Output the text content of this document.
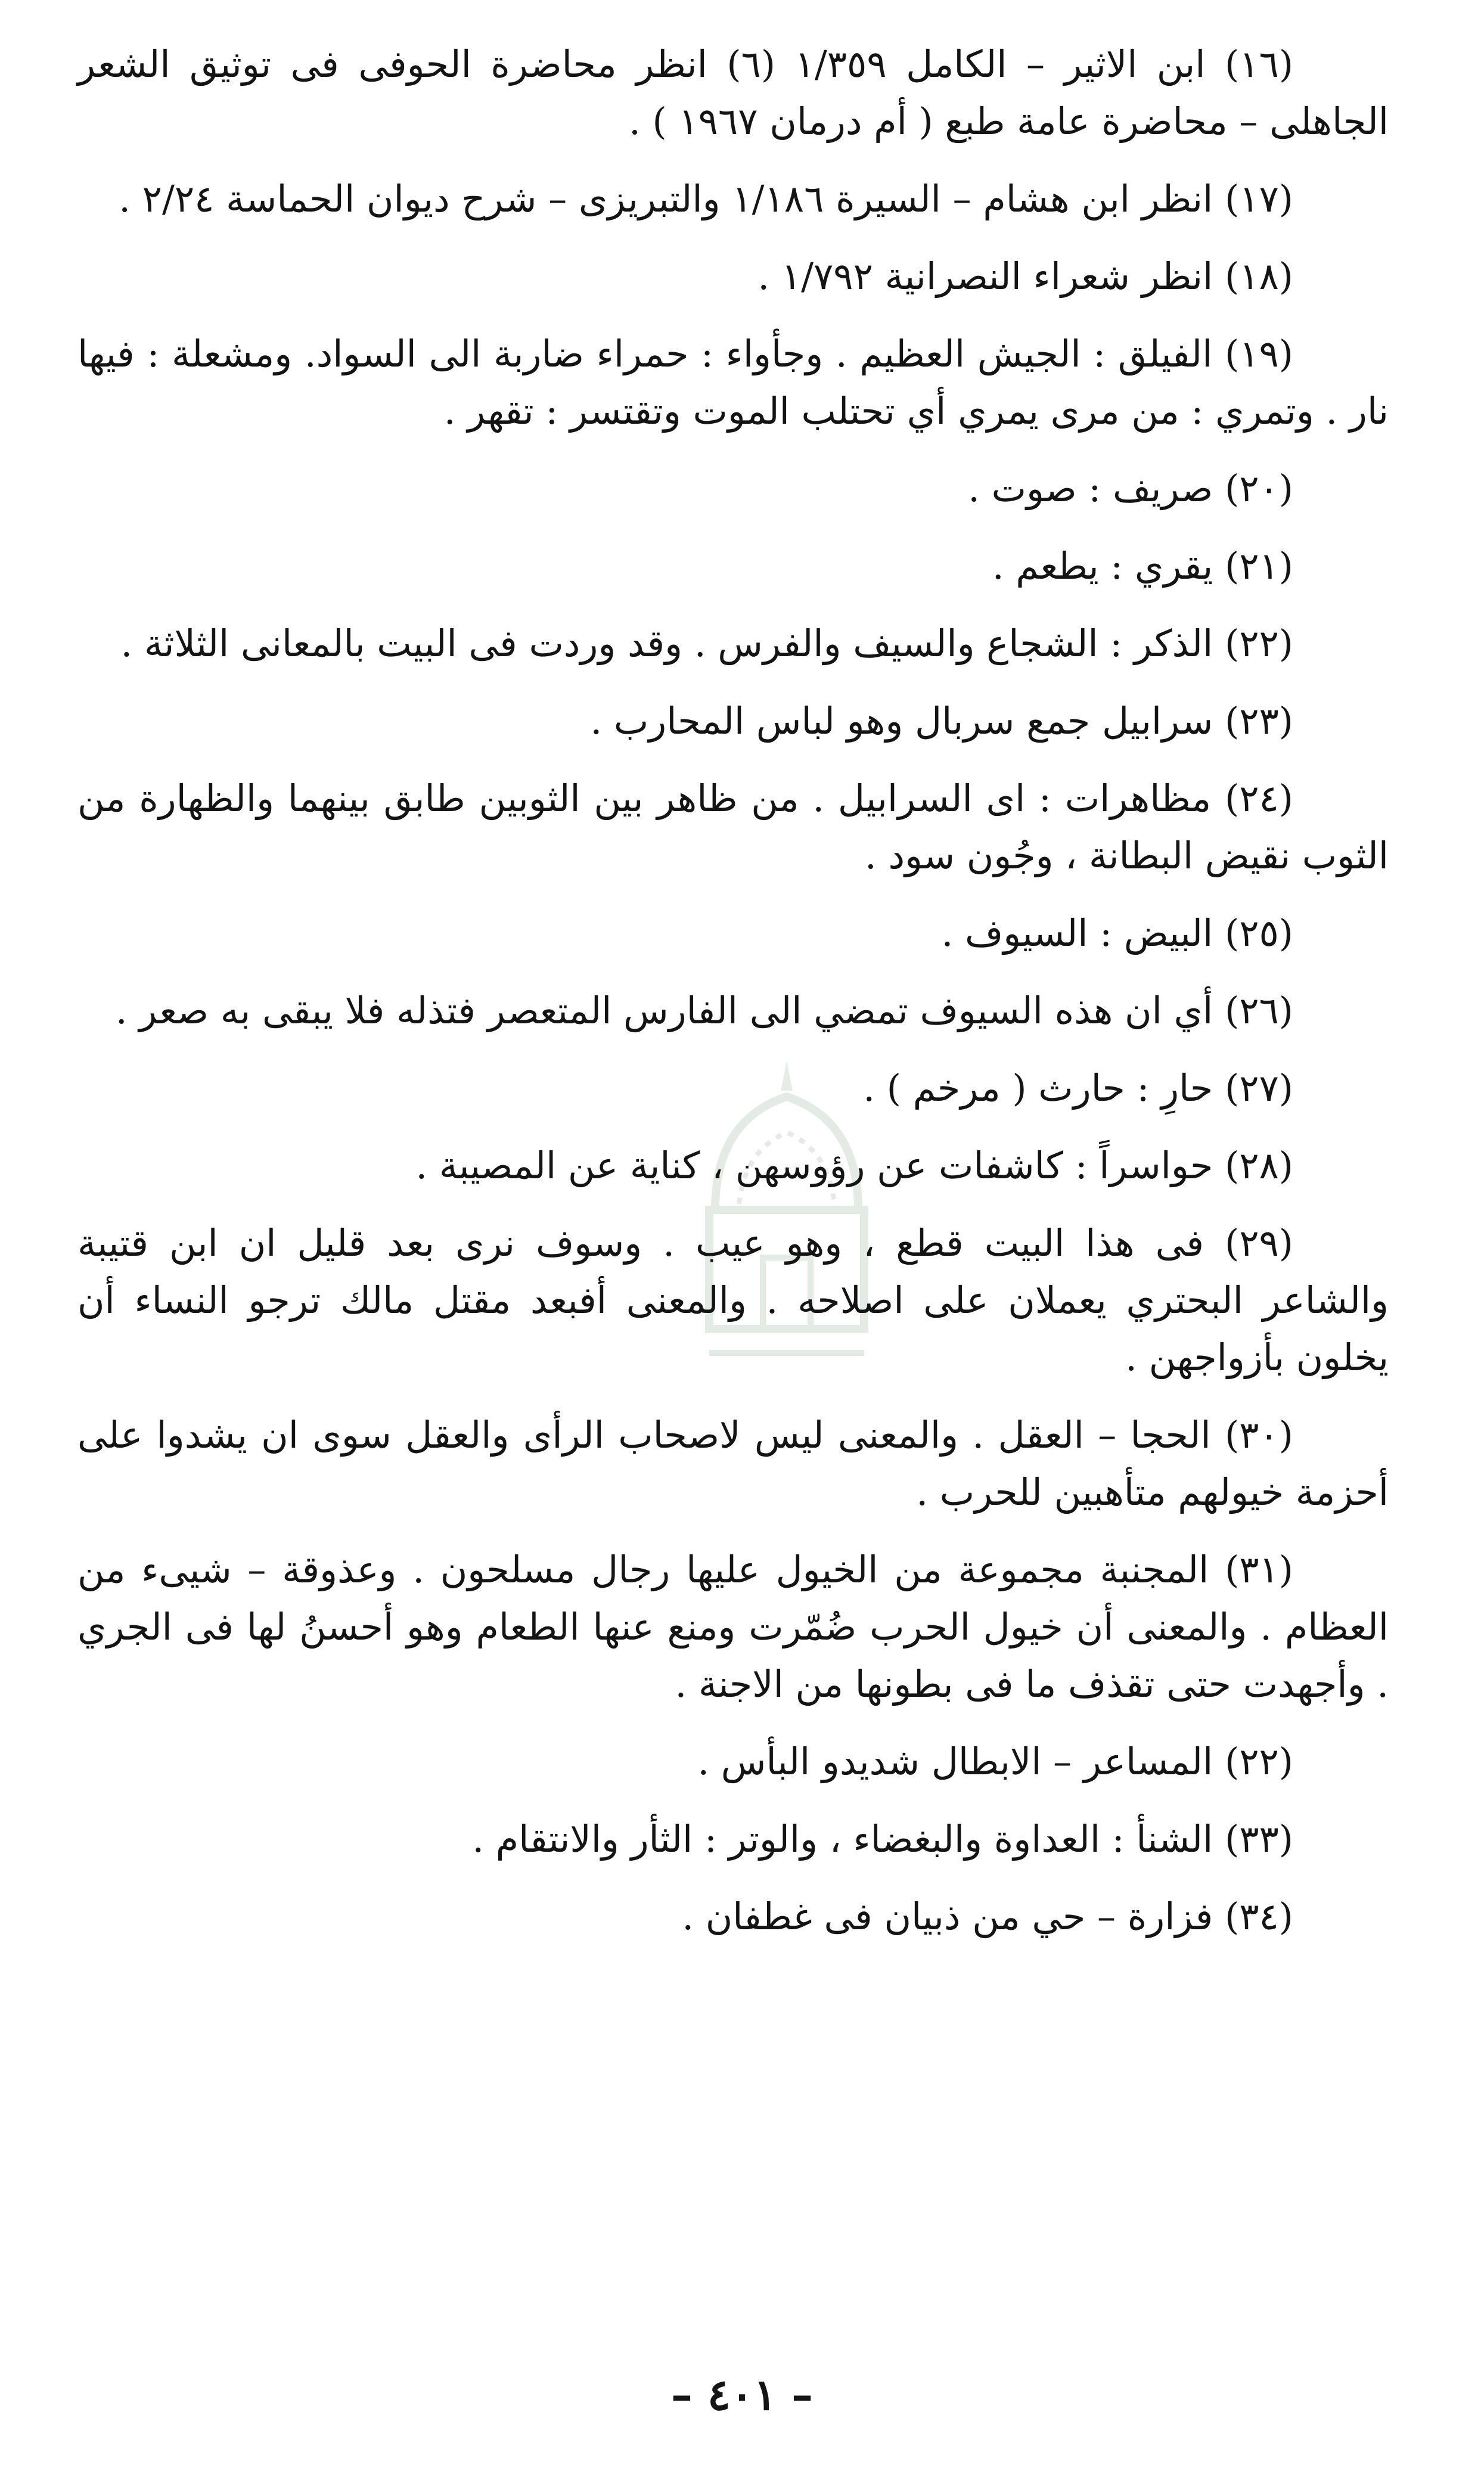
(١٦) ابن الاثير – الكامل ١/٣٥٩ (٦) انظر محاضرة الحوفى فى توثيق الشعر الجاهلى – محاضرة عامة طبع ( أم درمان ١٩٦٧ ) .

(١٧) انظر ابن هشام – السيرة ١/١٨٦ والتبريزى – شرح ديوان الحماسة ٢/٢٤ .

(١٨) انظر شعراء النصرانية ١/٧٩٢ .

(١٩) الفيلق : الجيش العظيم . وجأواء : حمراء ضاربة الى السواد. ومشعلة : فيها نار . وتمري : من مرى يمري أي تحتلب الموت وتقتسر : تقهر .

(٢٠) صريف : صوت .

(٢١) يقري : يطعم .

(٢٢) الذكر : الشجاع والسيف والفرس . وقد وردت فى البيت بالمعانى الثلاثة .

(٢٣) سرابيل جمع سربال وهو لباس المحارب .

(٢٤) مظاهرات : اى السرابيل . من ظاهر بين الثوبين طابق بينهما والظهارة من الثوب نقيض البطانة ، وجُون سود .

(٢٥) البيض : السيوف .

(٢٦) أي ان هذه السيوف تمضي الى الفارس المتعصر فتذله فلا يبقى به صعر .

(٢٧) حارِ : حارث ( مرخم ) .

(٢٨) حواسراً : كاشفات عن رؤوسهن ، كناية عن المصيبة .

(٢٩) فى هذا البيت قطع ، وهو عيب . وسوف نرى بعد قليل ان ابن قتيبة والشاعر البحتري يعملان على اصلاحه . والمعنى أفبعد مقتل مالك ترجو النساء أن يخلون بأزواجهن .

(٣٠) الحجا – العقل . والمعنى ليس لاصحاب الرأى والعقل سوى ان يشدوا على أحزمة خيولهم متأهبين للحرب .

(٣١) المجنبة مجموعة من الخيول عليها رجال مسلحون . وعذوقة – شيىء من العظام . والمعنى أن خيول الحرب ضُمّرت ومنع عنها الطعام وهو أحسنُ لها فى الجري . وأجهدت حتى تقذف ما فى بطونها من الاجنة .

(٢٢) المساعر – الابطال شديدو البأس .

(٣٣) الشنأ : العداوة والبغضاء ، والوتر : الثأر والانتقام .

(٣٤) فزارة – حي من ذبيان فى غطفان .

– ٤٠١ –
